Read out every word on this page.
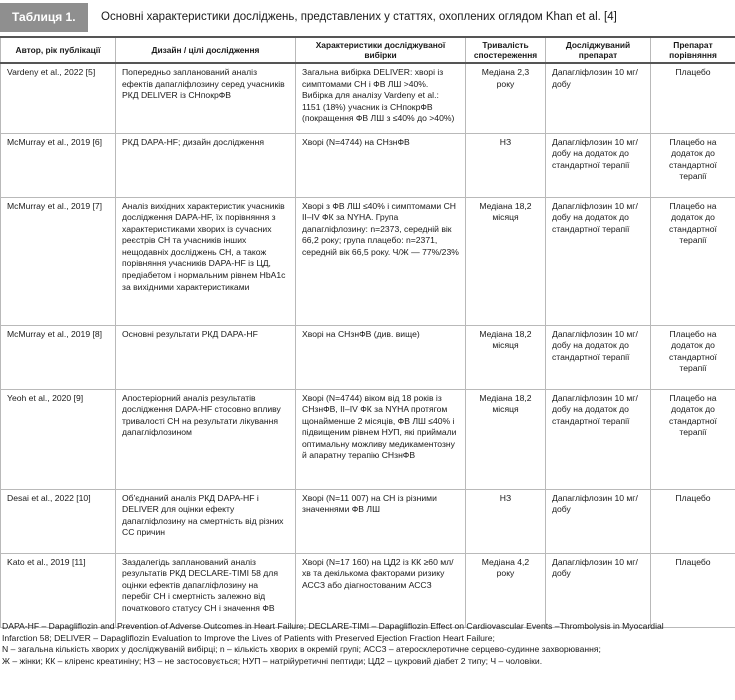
Таблиця 1.	Основні характеристики досліджень, представлених у статтях, охоплених оглядом Khan et al. [4]
Автор, рік публікації	Дизайн / цілі дослідження	Характеристики досліджуваної вибірки	Тривалість спостереження	Досліджуваний препарат	Препарат порівняння
Vardeny et al., 2022 [5]	Попередньо запланований аналіз ефектів дапагліфлозину серед учасників РКД DELIVER із СНпокрФВ	Загальна вибірка DELIVER: хворі із симптомами СН і ФВ ЛШ >40%. Вибірка для аналізу Vardeny et al.: 1151 (18%) учасник із СНпокрФВ (покращення ФВ ЛШ з ≤40% до >40%)	Медіана 2,3 року	Дапагліфлозин 10 мг/добу	Плацебо
McMurray et al., 2019 [6]	РКД DAPA-HF; дизайн дослідження	Хворі (N=4744) на СНзнФВ	НЗ	Дапагліфлозин 10 мг/добу на додаток до стандартної терапії	Плацебо на додаток до стандартної терапії
McMurray et al., 2019 [7]	Аналіз вихідних характеристик учасників дослідження DAPA-HF, їх порівняння з характеристиками хворих із сучасних реєстрів СН та учасників інших нещодавніх досліджень СН, а також порівняння учасників DAPA-HF із ЦД, предіабетом і нормальним рівнем HbA1c за вихідними характеристиками	Хворі з ФВ ЛШ ≤40% і симптомами СН II–IV ФК за NYHA. Група дапагліфлозину: n=2373, середній вік 66,2 року; група плацебо: n=2371, середній вік 66,5 року. Ч/Ж — 77%/23%	Медіана 18,2 місяця	Дапагліфлозин 10 мг/добу на додаток до стандартної терапії	Плацебо на додаток до стандартної терапії
McMurray et al., 2019 [8]	Основні результати РКД DAPA-HF	Хворі на СНзнФВ (див. вище)	Медіана 18,2 місяця	Дапагліфлозин 10 мг/добу на додаток до стандартної терапії	Плацебо на додаток до стандартної терапії
Yeoh et al., 2020 [9]	Апостеріорний аналіз результатів дослідження DAPA-HF стосовно впливу тривалості СН на результати лікування дапагліфлозином	Хворі (N=4744) віком від 18 років із СНзнФВ, II–IV ФК за NYHA протягом щонайменше 2 місяців, ФВ ЛШ ≤40% і підвищеним рівнем НУП, які приймали оптимальну можливу медикаментозну й апаратну терапію СНзнФВ	Медіана 18,2 місяця	Дапагліфлозин 10 мг/добу на додаток до стандартної терапії	Плацебо на додаток до стандартної терапії
Desai et al., 2022 [10]	Об'єднаний аналіз РКД DAPA-HF і DELIVER для оцінки ефекту дапагліфлозину на смертність від різних СС причин	Хворі (N=11 007) на СН із різними значеннями ФВ ЛШ	НЗ	Дапагліфлозин 10 мг/добу	Плацебо
Kato et al., 2019 [11]	Заздалегідь запланований аналіз результатів РКД DECLARE-TIMI 58 для оцінки ефектів дапагліфлозину на перебіг СН і смертність залежно від початкового статусу СН і значення ФВ	Хворі (N=17 160) на ЦД2 із КК ≥60 мл/хв та декількома факторами ризику АССЗ або діагностованим АССЗ	Медіана 4,2 року	Дапагліфлозин 10 мг/добу	Плацебо
DAPA-HF – Dapagliflozin and Prevention of Adverse Outcomes in Heart Failure; DECLARE-TIMI – Dapagliflozin Effect on Cardiovascular Events –Thrombolysis in Myocardial
Infarction 58; DELIVER – Dapagliflozin Evaluation to Improve the Lives of Patients with Preserved Ejection Fraction Heart Failure;
N – загальна кількість хворих у досліджуваній вибірці; n – кількість хворих в окремій групі; АССЗ – атеросклеротичне серцево-судинне захворювання;
Ж – жінки; КК – кліренс креатиніну; НЗ – не застосовується; НУП – натрійуретичні пептиди; ЦД2 – цукровий діабет 2 типу; Ч – чоловіки.
